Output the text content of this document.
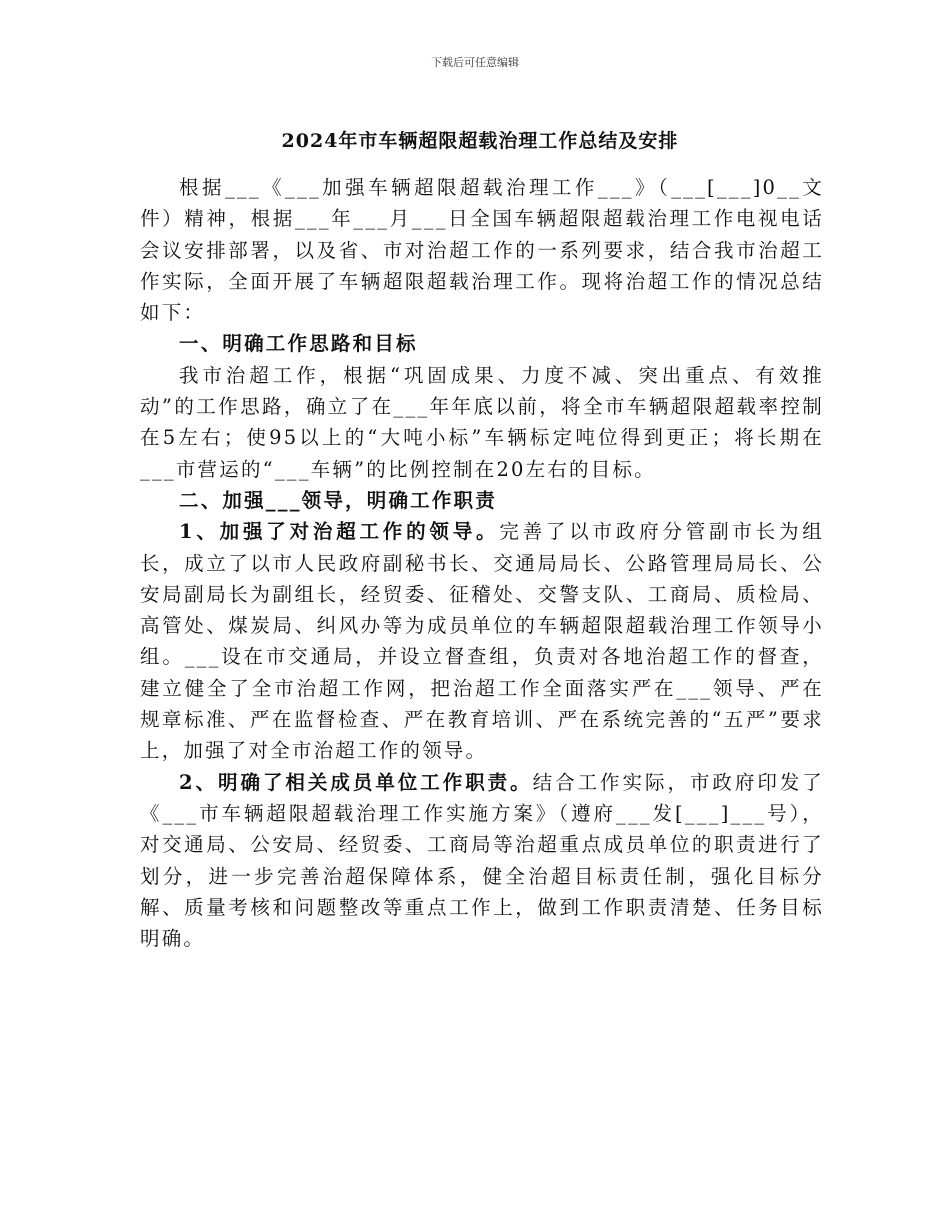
下载后可任意编辑
2024年市车辆超限超载治理工作总结及安排

根据___《___加强车辆超限超载治理工作___》（___[___]0__文件）精神，根据___年___月___日全国车辆超限超载治理工作电视电话会议安排部署，以及省、市对治超工作的一系列要求，结合我市治超工作实际，全面开展了车辆超限超载治理工作。现将治超工作的情况总结如下：

一、明确工作思路和目标

我市治超工作，根据“巩固成果、力度不减、突出重点、有效推动”的工作思路，确立了在___年年底以前，将全市车辆超限超载率控制在5左右；使95以上的“大吨小标”车辆标定吨位得到更正；将长期在___市营运的“___车辆”的比例控制在20左右的目标。

二、加强___领导，明确工作职责

1、加强了对治超工作的领导。完善了以市政府分管副市长为组长，成立了以市人民政府副秘书长、交通局局长、公路管理局局长、公安局副局长为副组长，经贸委、征稽处、交警支队、工商局、质检局、高管处、煤炭局、纠风办等为成员单位的车辆超限超载治理工作领导小组。___设在市交通局，并设立督查组，负责对各地治超工作的督查，建立健全了全市治超工作网，把治超工作全面落实严在___领导、严在规章标准、严在监督检查、严在教育培训、严在系统完善的“五严”要求上，加强了对全市治超工作的领导。

2、明确了相关成员单位工作职责。结合工作实际，市政府印发了《___市车辆超限超载治理工作实施方案》（遵府___发[___]___号），对交通局、公安局、经贸委、工商局等治超重点成员单位的职责进行了划分，进一步完善治超保障体系，健全治超目标责任制，强化目标分解、质量考核和问题整改等重点工作上，做到工作职责清楚、任务目标明确。
